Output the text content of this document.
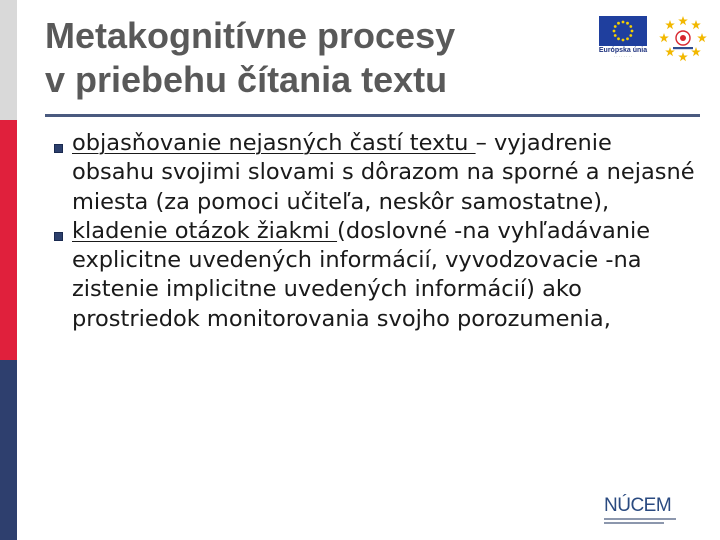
Metakognitívne procesy
v priebehu čítania textu
Európska únia
· · · · · · · ·

objasňovanie nejasných častí textu – vyjadrenie obsahu svojimi slovami s dôrazom na sporné a nejasné miesta (za pomoci učiteľa, neskôr samostatne),

kladenie otázok žiakmi (doslovné -na vyhľadávanie explicitne uvedených informácií, vyvodzovacie -na zistenie implicitne uvedených informácií) ako prostriedok monitorovania svojho porozumenia,

NÚCEM
